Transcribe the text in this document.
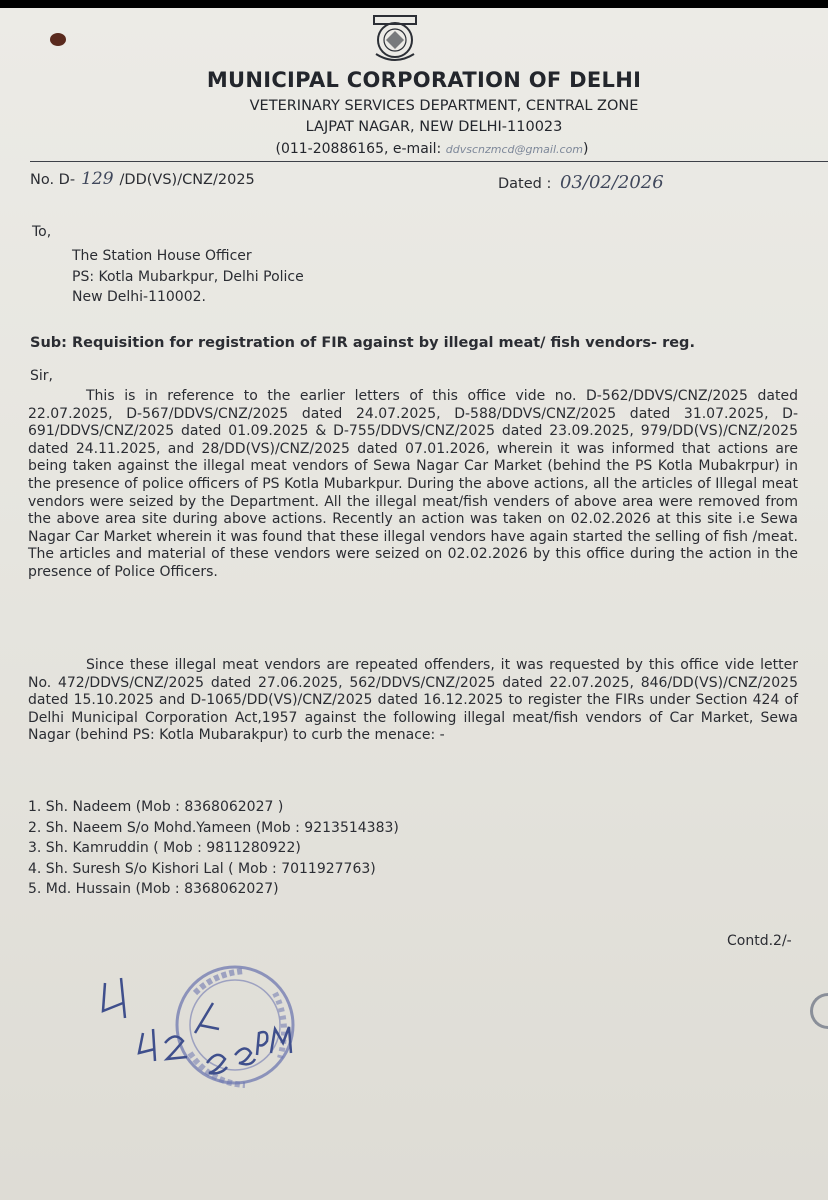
MUNICIPAL CORPORATION OF DELHI
VETERINARY SERVICES DEPARTMENT, CENTRAL ZONE
LAJPAT NAGAR, NEW DELHI-110023
(011-20886165, e-mail: ddvscnzmcd@gmail.com)
No. D- 129 /DD(VS)/CNZ/2025	Dated : 03/02/2026
To,
The Station House Officer
PS: Kotla Mubarkpur, Delhi Police
New Delhi-110002.
Sub: Requisition for registration of FIR against by illegal meat/ fish vendors- reg.
Sir,
This is in reference to the earlier letters of this office vide no. D-562/DDVS/CNZ/2025 dated 22.07.2025, D-567/DDVS/CNZ/2025 dated 24.07.2025, D-588/DDVS/CNZ/2025 dated 31.07.2025, D-691/DDVS/CNZ/2025 dated 01.09.2025 & D-755/DDVS/CNZ/2025 dated 23.09.2025, 979/DD(VS)/CNZ/2025 dated 24.11.2025, and 28/DD(VS)/CNZ/2025 dated 07.01.2026, wherein it was informed that actions are being taken against the illegal meat vendors of Sewa Nagar Car Market (behind the PS Kotla Mubakrpur) in the presence of police officers of PS Kotla Mubarkpur. During the above actions, all the articles of Illegal meat vendors were seized by the Department. All the illegal meat/fish venders of above area were removed from the above area site during above actions. Recently an action was taken on 02.02.2026 at this site i.e Sewa Nagar Car Market wherein it was found that these illegal vendors have again started the selling of fish /meat. The articles and material of these vendors were seized on 02.02.2026 by this office during the action in the presence of Police Officers.
Since these illegal meat vendors are repeated offenders, it was requested by this office vide letter No. 472/DDVS/CNZ/2025 dated 27.06.2025, 562/DDVS/CNZ/2025 dated 22.07.2025, 846/DD(VS)/CNZ/2025 dated 15.10.2025 and D-1065/DD(VS)/CNZ/2025 dated 16.12.2025 to register the FIRs under Section 424 of Delhi Municipal Corporation Act,1957 against the following illegal meat/fish vendors of Car Market, Sewa Nagar (behind PS: Kotla Mubarakpur) to curb the menace: -
1. Sh. Nadeem (Mob : 8368062027 )
2. Sh. Naeem S/o Mohd.Yameen (Mob : 9213514383)
3. Sh. Kamruddin ( Mob : 9811280922)
4. Sh. Suresh S/o Kishori Lal ( Mob : 7011927763)
5. Md. Hussain (Mob : 8368062027)
Contd.2/-
